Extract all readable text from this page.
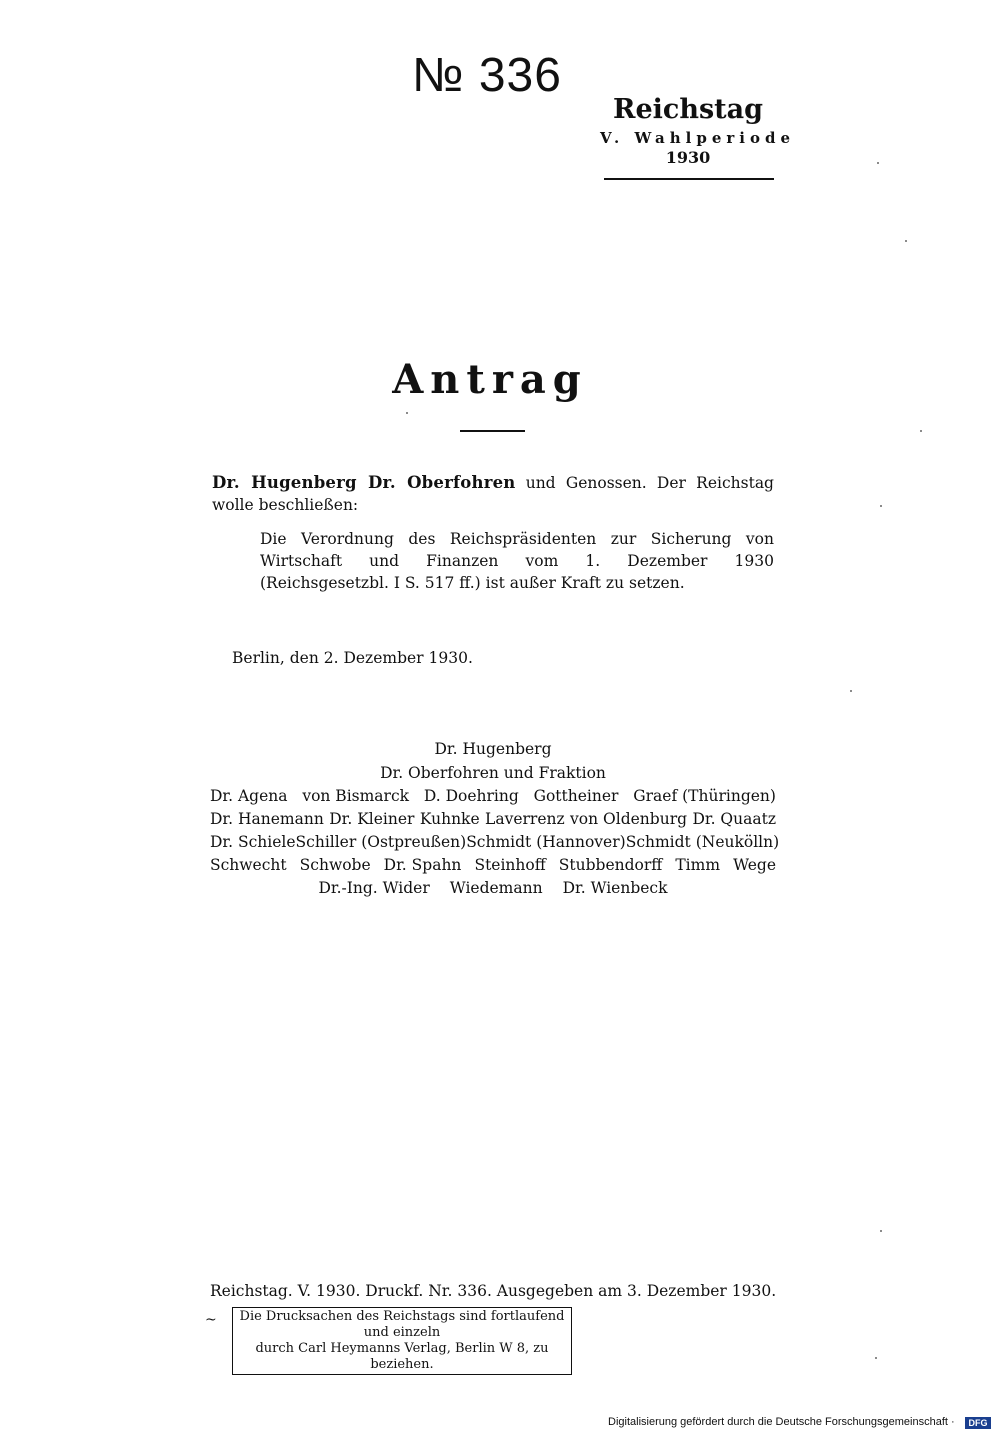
№ 336
Reichstag
V. Wahlperiode
1930
Antrag
Dr. Hugenberg Dr. Oberfohren und Genossen. Der Reichstag wolle beschließen:
Die Verordnung des Reichspräsidenten zur Sicherung von Wirtschaft und Finanzen vom 1. Dezember 1930 (Reichsgesetzbl. I S. 517 ff.) ist außer Kraft zu setzen.
Berlin, den 2. Dezember 1930.
Dr. Hugenberg
Dr. Oberfohren und Fraktion
Dr. Agena von Bismarck D. Doehring Gottheiner Graef (Thüringen)
Dr. Hanemann Dr. Kleiner Kuhnke Laverrenz von Oldenburg Dr. Quaatz
Dr. Schiele Schiller (Ostpreußen) Schmidt (Hannover) Schmidt (Neukölln)
Schwecht Schwobe Dr. Spahn Steinhoff Stubbendorff Timm Wege
Dr.-Ing. Wider Wiedemann Dr. Wienbeck
Reichstag. V. 1930. Druckf. Nr. 336. Ausgegeben am 3. Dezember 1930.
~	Die Drucksachen des Reichstags sind fortlaufend und einzeln
durch Carl Heymanns Verlag, Berlin W 8, zu beziehen.
Digitalisierung gefördert durch die Deutsche Forschungsgemeinschaft ·	DFG
